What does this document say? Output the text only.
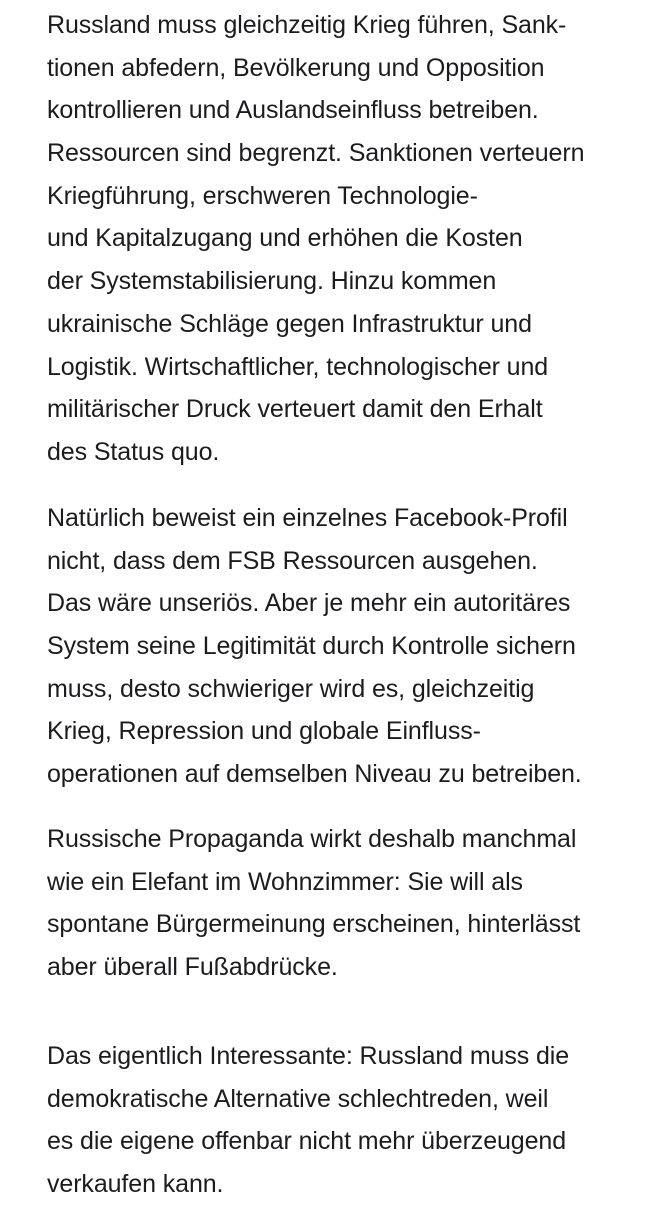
Russland muss gleichzeitig Krieg führen, Sank-
tionen abfedern, Bevölkerung und Opposition
kontrollieren und Auslandseinfluss betreiben.
Ressourcen sind begrenzt. Sanktionen verteuern
Kriegführung, erschweren Technologie-
und Kapitalzugang und erhöhen die Kosten
der Systemstabilisierung. Hinzu kommen
ukrainische Schläge gegen Infrastruktur und
Logistik. Wirtschaftlicher, technologischer und
militärischer Druck verteuert damit den Erhalt
des Status quo.
Natürlich beweist ein einzelnes Facebook-Profil
nicht, dass dem FSB Ressourcen ausgehen.
Das wäre unseriös. Aber je mehr ein autoritäres
System seine Legitimität durch Kontrolle sichern
muss, desto schwieriger wird es, gleichzeitig
Krieg, Repression und globale Einfluss-
operationen auf demselben Niveau zu betreiben.
Russische Propaganda wirkt deshalb manchmal
wie ein Elefant im Wohnzimmer: Sie will als
spontane Bürgermeinung erscheinen, hinterlässt
aber überall Fußabdrücke.
Das eigentlich Interessante: Russland muss die
demokratische Alternative schlechtreden, weil
es die eigene offenbar nicht mehr überzeugend
verkaufen kann.
